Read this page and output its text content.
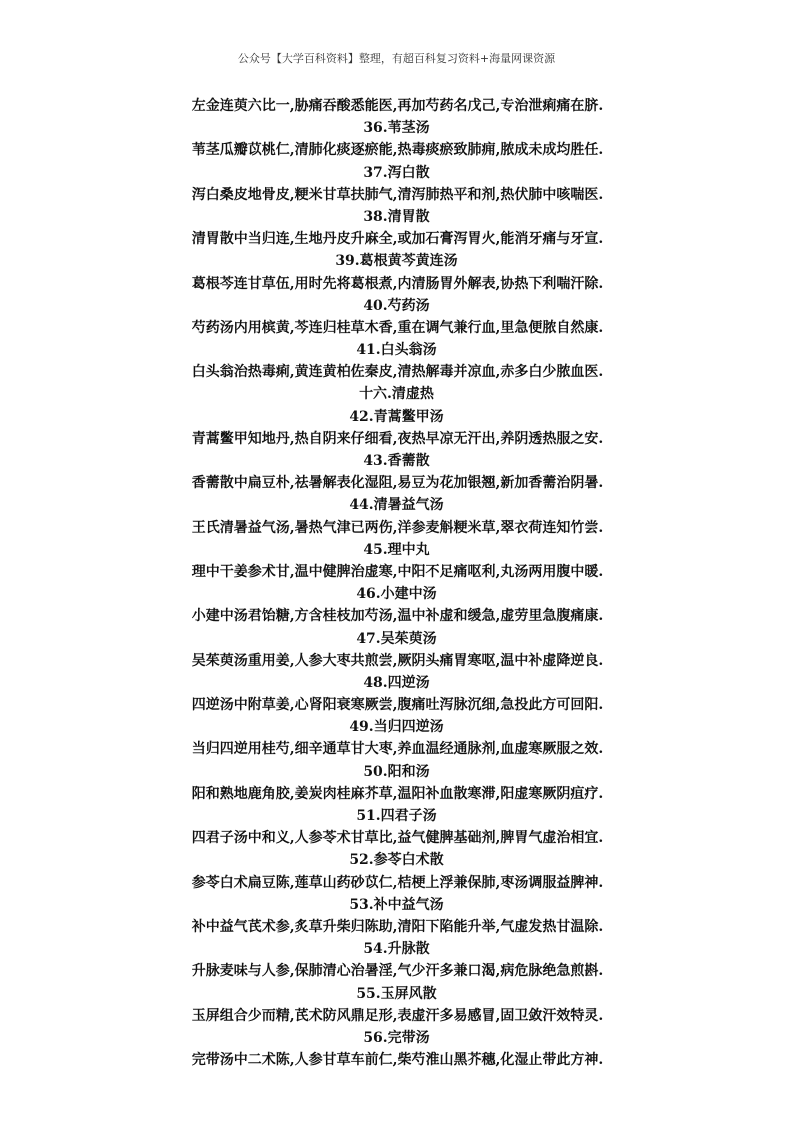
公众号【大学百科资料】整理，有超百科复习资料+海量网课资源
左金连萸六比一,胁痛吞酸悉能医,再加芍药名戊己,专治泄痢痛在脐.
36.苇茎汤
苇茎瓜瓣苡桃仁,清肺化痰逐瘀能,热毒痰瘀致肺痈,脓成未成均胜任.
37.泻白散
泻白桑皮地骨皮,粳米甘草扶肺气,清泻肺热平和剂,热伏肺中咳喘医.
38.清胃散
清胃散中当归连,生地丹皮升麻全,或加石膏泻胃火,能消牙痛与牙宣.
39.葛根黄芩黄连汤
葛根芩连甘草伍,用时先将葛根煮,内清肠胃外解表,协热下利喘汗除.
40.芍药汤
芍药汤内用槟黄,芩连归桂草木香,重在调气兼行血,里急便脓自然康.
41.白头翁汤
白头翁治热毒痢,黄连黄柏佐秦皮,清热解毒并凉血,赤多白少脓血医.
十六.清虚热
42.青蒿鳖甲汤
青蒿鳖甲知地丹,热自阴来仔细看,夜热早凉无汗出,养阴透热服之安.
43.香薷散
香薷散中扁豆朴,祛暑解表化湿阻,易豆为花加银翘,新加香薷治阴暑.
44.清暑益气汤
王氏清暑益气汤,暑热气津已两伤,洋参麦斛粳米草,翠衣荷连知竹尝.
45.理中丸
理中干姜参术甘,温中健脾治虚寒,中阳不足痛呕利,丸汤两用腹中暖.
46.小建中汤
小建中汤君饴糖,方含桂枝加芍汤,温中补虚和缓急,虚劳里急腹痛康.
47.吴茱萸汤
吴茱萸汤重用姜,人参大枣共煎尝,厥阴头痛胃寒呕,温中补虚降逆良.
48.四逆汤
四逆汤中附草姜,心肾阳衰寒厥尝,腹痛吐泻脉沉细,急投此方可回阳.
49.当归四逆汤
当归四逆用桂芍,细辛通草甘大枣,养血温经通脉剂,血虚寒厥服之效.
50.阳和汤
阳和熟地鹿角胶,姜炭肉桂麻芥草,温阳补血散寒滞,阳虚寒厥阴疽疗.
51.四君子汤
四君子汤中和义,人参苓术甘草比,益气健脾基础剂,脾胃气虚治相宜.
52.参苓白术散
参苓白术扁豆陈,莲草山药砂苡仁,桔梗上浮兼保肺,枣汤调服益脾神.
53.补中益气汤
补中益气芪术参,炙草升柴归陈助,清阳下陷能升举,气虚发热甘温除.
54.升脉散
升脉麦味与人参,保肺清心治暑淫,气少汗多兼口渴,病危脉绝急煎斟.
55.玉屏风散
玉屏组合少而精,芪术防风鼎足形,表虚汗多易感冒,固卫敛汗效特灵.
56.完带汤
完带汤中二术陈,人参甘草车前仁,柴芍淮山黑芥穗,化湿止带此方神.
